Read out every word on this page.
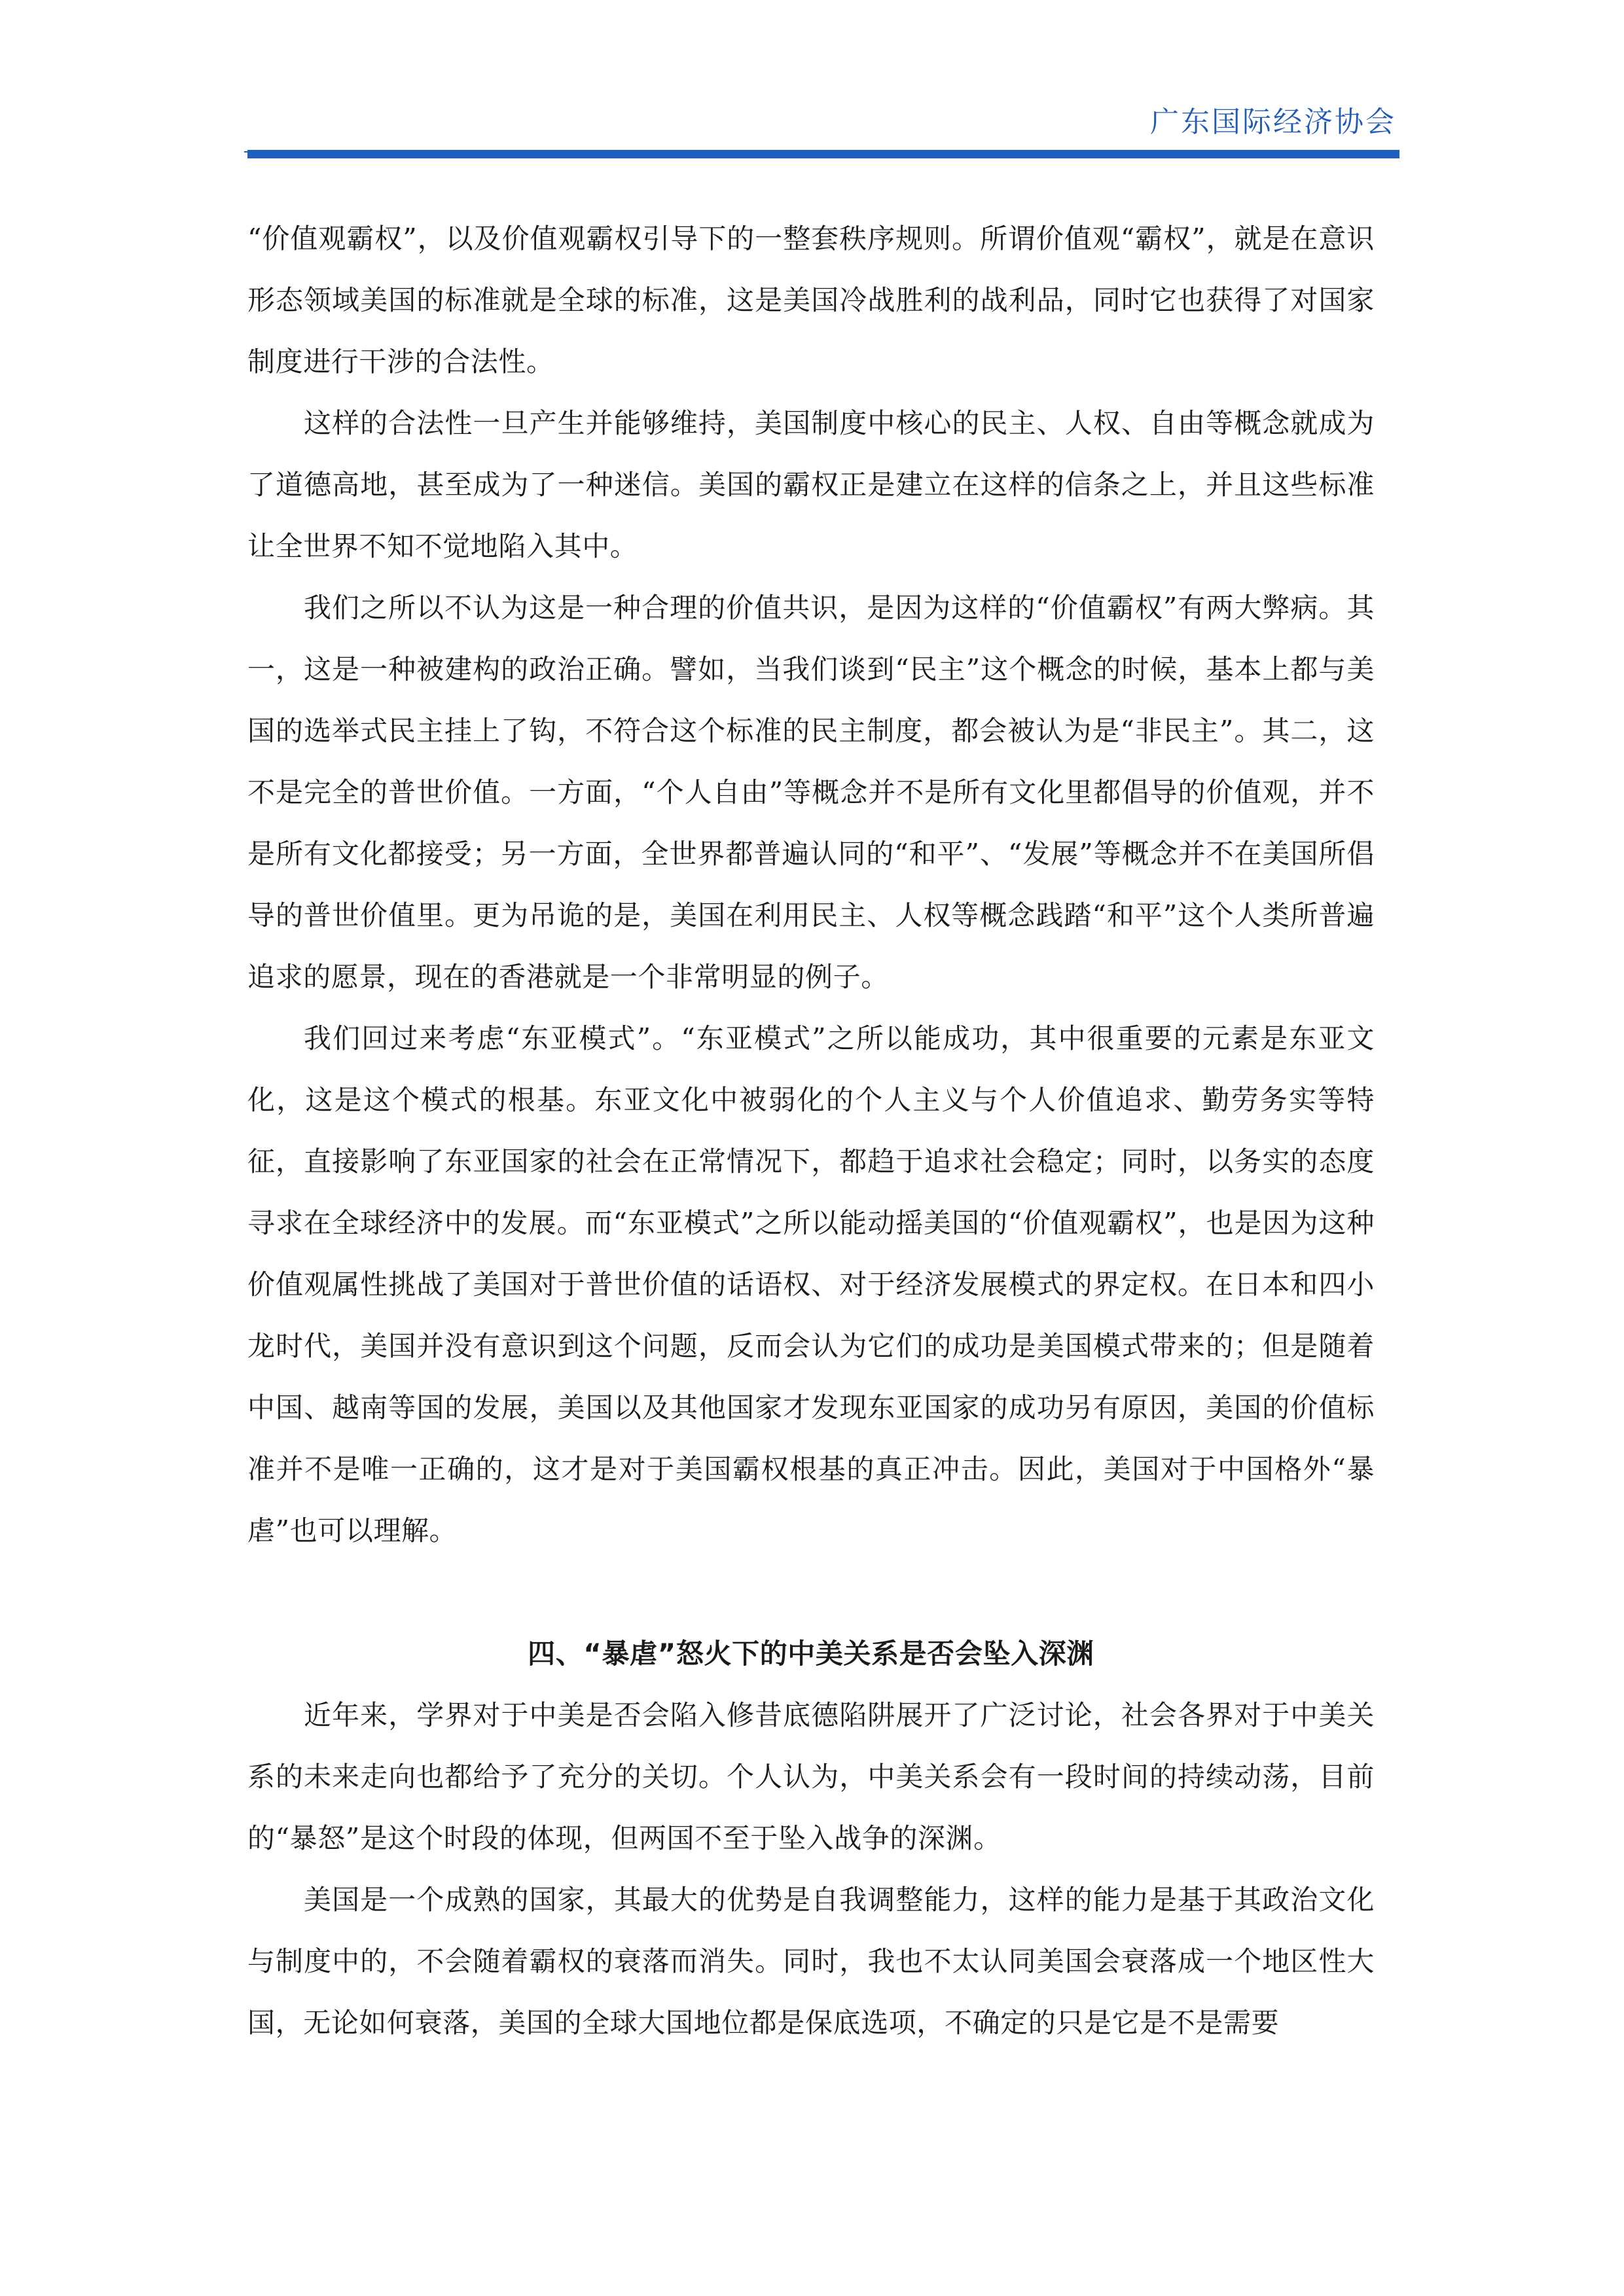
广东国际经济协会

“价值观霸权”，以及价值观霸权引导下的一整套秩序规则。所谓价值观“霸权”，就是在意识形态领域美国的标准就是全球的标准，这是美国冷战胜利的战利品，同时它也获得了对国家制度进行干涉的合法性。

这样的合法性一旦产生并能够维持，美国制度中核心的民主、人权、自由等概念就成为了道德高地，甚至成为了一种迷信。美国的霸权正是建立在这样的信条之上，并且这些标准让全世界不知不觉地陷入其中。

我们之所以不认为这是一种合理的价值共识，是因为这样的“价值霸权”有两大弊病。其一，这是一种被建构的政治正确。譬如，当我们谈到“民主”这个概念的时候，基本上都与美国的选举式民主挂上了钩，不符合这个标准的民主制度，都会被认为是“非民主”。其二，这不是完全的普世价值。一方面，“个人自由”等概念并不是所有文化里都倡导的价值观，并不是所有文化都接受；另一方面，全世界都普遍认同的“和平”、“发展”等概念并不在美国所倡导的普世价值里。更为吊诡的是，美国在利用民主、人权等概念践踏“和平”这个人类所普遍追求的愿景，现在的香港就是一个非常明显的例子。

我们回过来考虑“东亚模式”。“东亚模式”之所以能成功，其中很重要的元素是东亚文化，这是这个模式的根基。东亚文化中被弱化的个人主义与个人价值追求、勤劳务实等特征，直接影响了东亚国家的社会在正常情况下，都趋于追求社会稳定；同时，以务实的态度寻求在全球经济中的发展。而“东亚模式”之所以能动摇美国的“价值观霸权”，也是因为这种价值观属性挑战了美国对于普世价值的话语权、对于经济发展模式的界定权。在日本和四小龙时代，美国并没有意识到这个问题，反而会认为它们的成功是美国模式带来的；但是随着中国、越南等国的发展，美国以及其他国家才发现东亚国家的成功另有原因，美国的价值标准并不是唯一正确的，这才是对于美国霸权根基的真正冲击。因此，美国对于中国格外“暴虐”也可以理解。

四、“暴虐”怒火下的中美关系是否会坠入深渊

近年来，学界对于中美是否会陷入修昔底德陷阱展开了广泛讨论，社会各界对于中美关系的未来走向也都给予了充分的关切。个人认为，中美关系会有一段时间的持续动荡，目前的“暴怒”是这个时段的体现，但两国不至于坠入战争的深渊。

美国是一个成熟的国家，其最大的优势是自我调整能力，这样的能力是基于其政治文化与制度中的，不会随着霸权的衰落而消失。同时，我也不太认同美国会衰落成一个地区性大国，无论如何衰落，美国的全球大国地位都是保底选项，不确定的只是它是不是需要
